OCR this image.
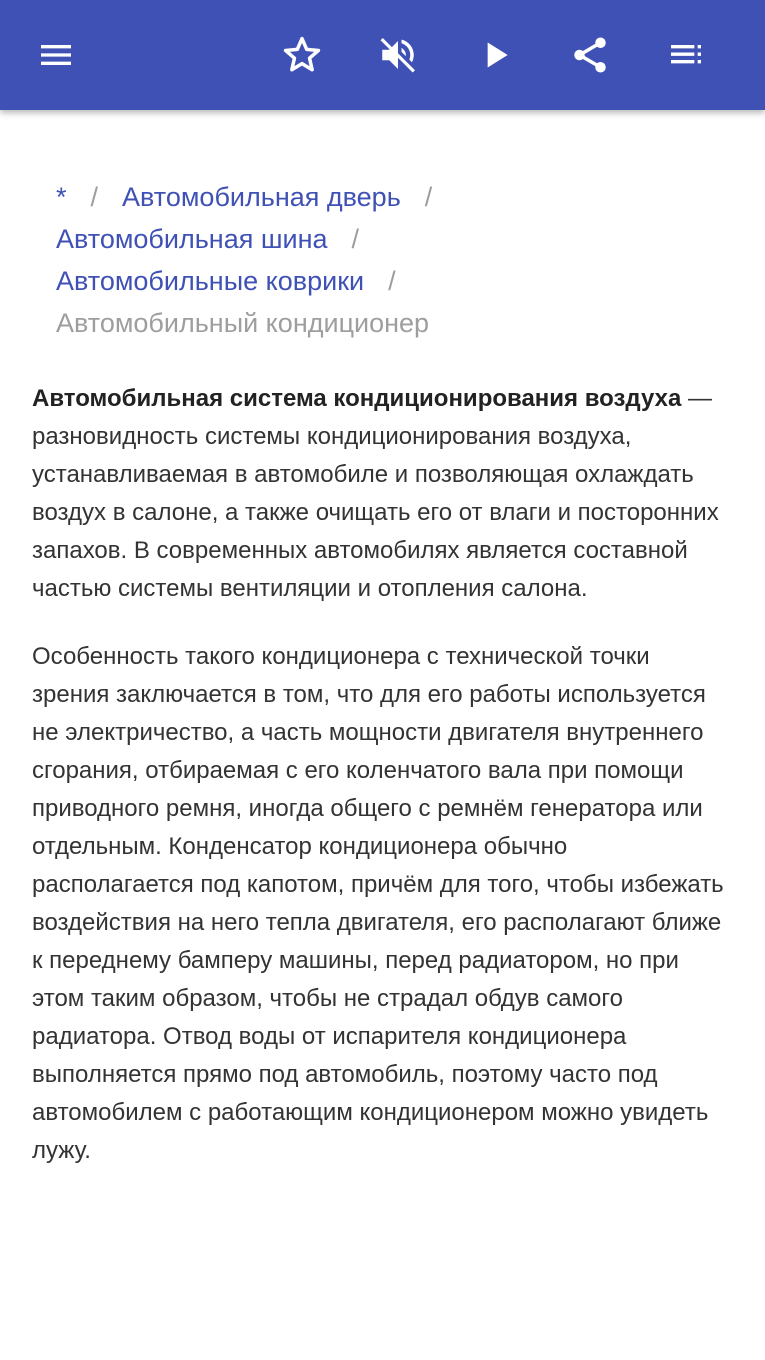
* / Автомобильная дверь /
Автомобильная шина /
Автомобильные коврики /
Автомобильный кондиционер

Автомобильная система кондиционирования воздуха — разновидность системы кондиционирования воздуха, устанавливаемая в автомобиле и позволяющая охлаждать воздух в салоне, а также очищать его от влаги и посторонних запахов. В современных автомобилях является составной частью системы вентиляции и отопления салона.

Особенность такого кондиционера с технической точки зрения заключается в том, что для его работы используется не электричество, а часть мощности двигателя внутреннего сгорания, отбираемая с его коленчатого вала при помощи приводного ремня, иногда общего с ремнём генератора или отдельным. Конденсатор кондиционера обычно располагается под капотом, причём для того, чтобы избежать воздействия на него тепла двигателя, его располагают ближе к переднему бамперу машины, перед радиатором, но при этом таким образом, чтобы не страдал обдув самого радиатора. Отвод воды от испарителя кондиционера выполняется прямо под автомобиль, поэтому часто под автомобилем с работающим кондиционером можно увидеть лужу.
